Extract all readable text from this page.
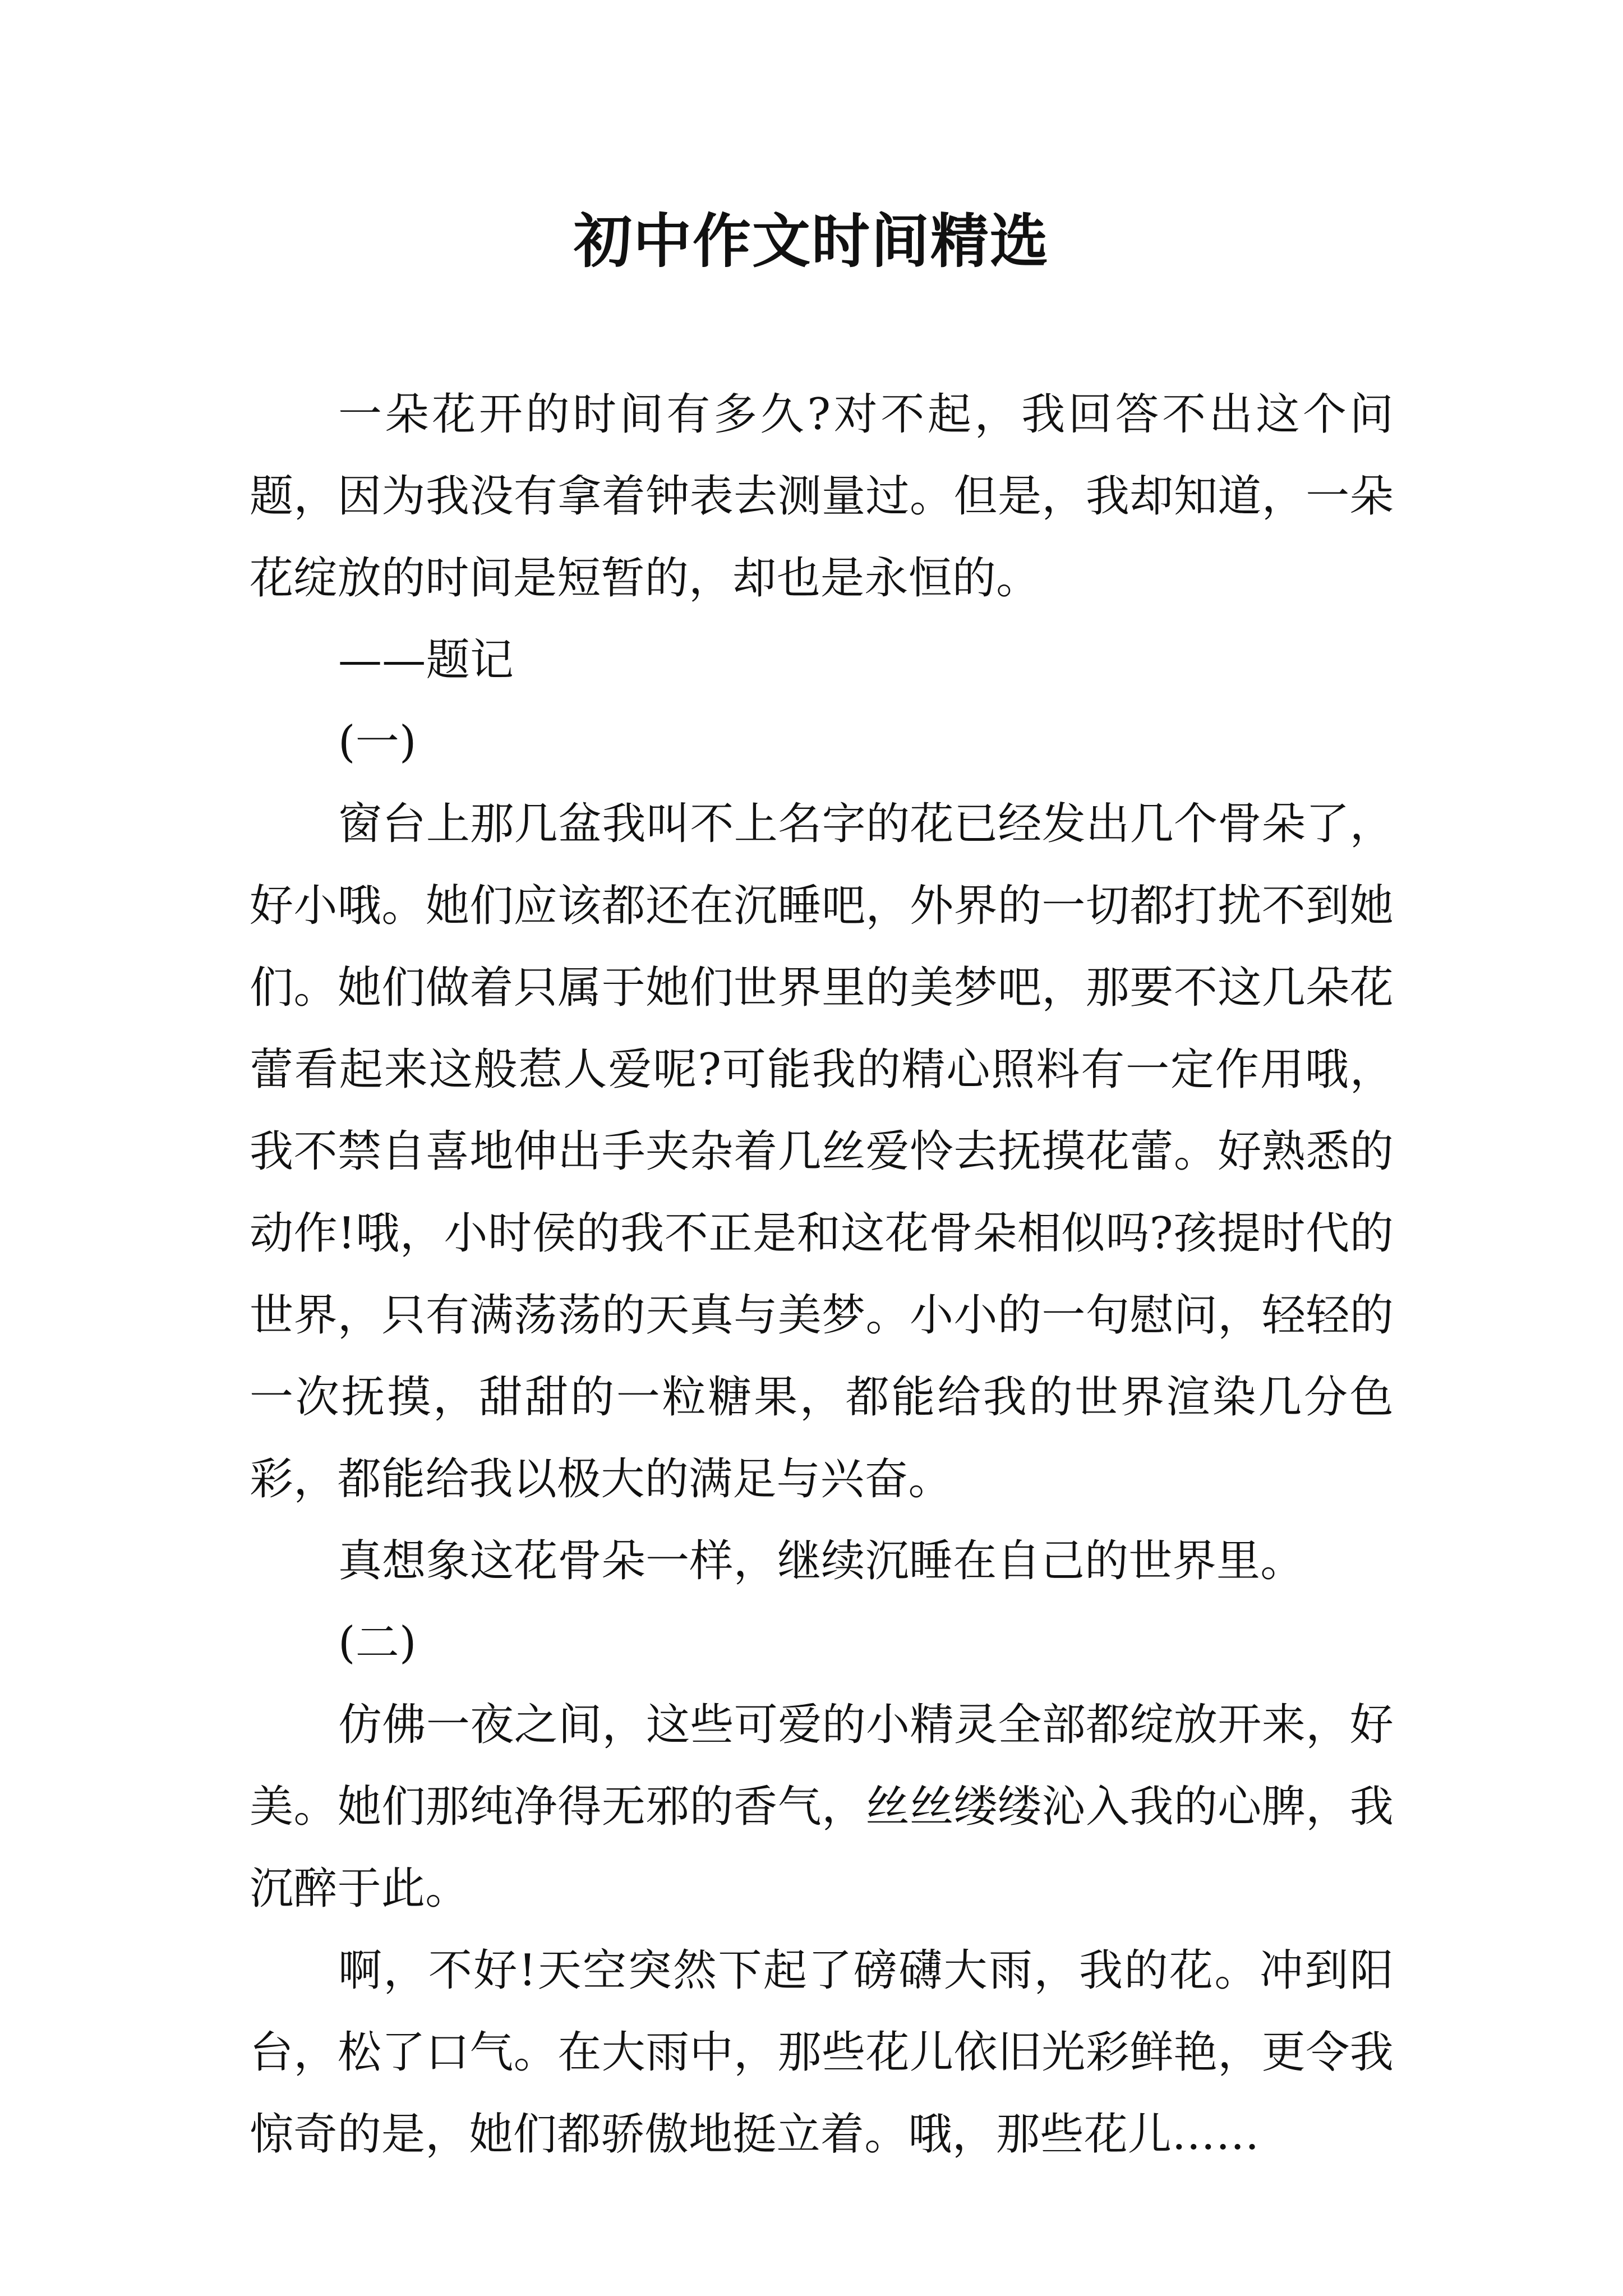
初中作文时间精选

一朵花开的时间有多久?对不起，我回答不出这个问题，因为我没有拿着钟表去测量过。但是，我却知道，一朵花绽放的时间是短暂的，却也是永恒的。

——题记

(一)

窗台上那几盆我叫不上名字的花已经发出几个骨朵了，好小哦。她们应该都还在沉睡吧，外界的一切都打扰不到她们。她们做着只属于她们世界里的美梦吧，那要不这几朵花蕾看起来这般惹人爱呢?可能我的精心照料有一定作用哦，我不禁自喜地伸出手夹杂着几丝爱怜去抚摸花蕾。好熟悉的动作!哦，小时侯的我不正是和这花骨朵相似吗?孩提时代的世界，只有满荡荡的天真与美梦。小小的一句慰问，轻轻的一次抚摸，甜甜的一粒糖果，都能给我的世界渲染几分色彩，都能给我以极大的满足与兴奋。

真想象这花骨朵一样，继续沉睡在自己的世界里。

(二)

仿佛一夜之间，这些可爱的小精灵全部都绽放开来，好美。她们那纯净得无邪的香气，丝丝缕缕沁入我的心脾，我沉醉于此。

啊，不好!天空突然下起了磅礴大雨，我的花。冲到阳台，松了口气。在大雨中，那些花儿依旧光彩鲜艳，更令我惊奇的是，她们都骄傲地挺立着。哦，那些花儿……
